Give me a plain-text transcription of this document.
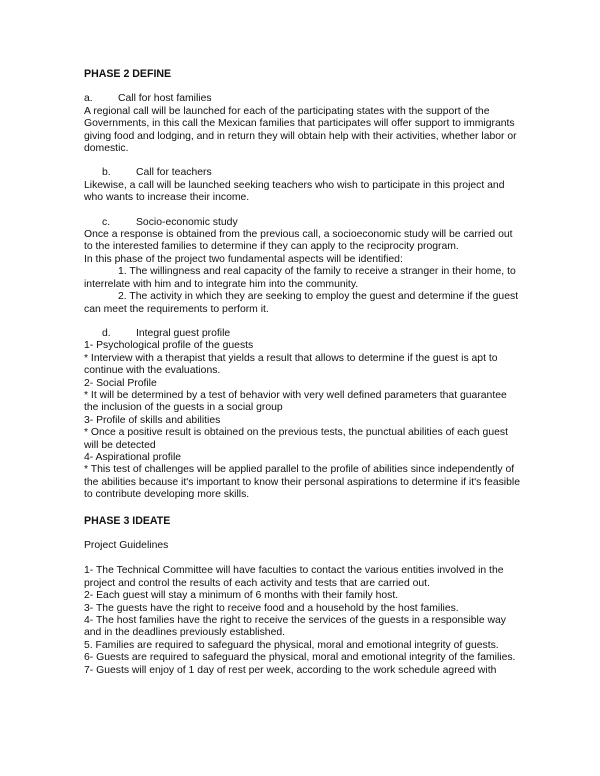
PHASE 2 DEFINE

a.	Call for host families

A regional call will be launched for each of the participating states with the support of the Governments, in this call the Mexican families that participates will offer support to immigrants giving food and lodging, and in return they will obtain help with their activities, whether labor or domestic.

b.	Call for teachers

Likewise, a call will be launched seeking teachers who wish to participate in this project and who wants to increase their income.

c.	Socio-economic study

Once a response is obtained from the previous call, a socioeconomic study will be carried out to the interested families to determine if they can apply to the reciprocity program.

In this phase of the project two fundamental aspects will be identified:

1. The willingness and real capacity of the family to receive a stranger in their home, to interrelate with him and to integrate him into the community.

2. The activity in which they are seeking to employ the guest and determine if the guest can meet the requirements to perform it.

d.	Integral guest profile

1- Psychological profile of the guests

* Interview with a therapist that yields a result that allows to determine if the guest is apt to continue with the evaluations.

2- Social Profile

* It will be determined by a test of behavior with very well defined parameters that guarantee the inclusion of the guests in a social group

3- Profile of skills and abilities

* Once a positive result is obtained on the previous tests, the punctual abilities of each guest will be detected

4- Aspirational profile

* This test of challenges will be applied parallel to the profile of abilities since independently of the abilities because it's important to know their personal aspirations to determine if it's feasible to contribute developing more skills.

PHASE 3 IDEATE

Project Guidelines

1- The Technical Committee will have faculties to contact the various entities involved in the project and control the results of each activity and tests that are carried out.

2- Each guest will stay a minimum of 6 months with their family host.

3- The guests have the right to receive food and a household by the host families.

4- The host families have the right to receive the services of the guests in a responsible way and in the deadlines previously established.

5. Families are required to safeguard the physical, moral and emotional integrity of guests.

6- Guests are required to safeguard the physical, moral and emotional integrity of the families.

7- Guests will enjoy of 1 day of rest per week, according to the work schedule agreed with
